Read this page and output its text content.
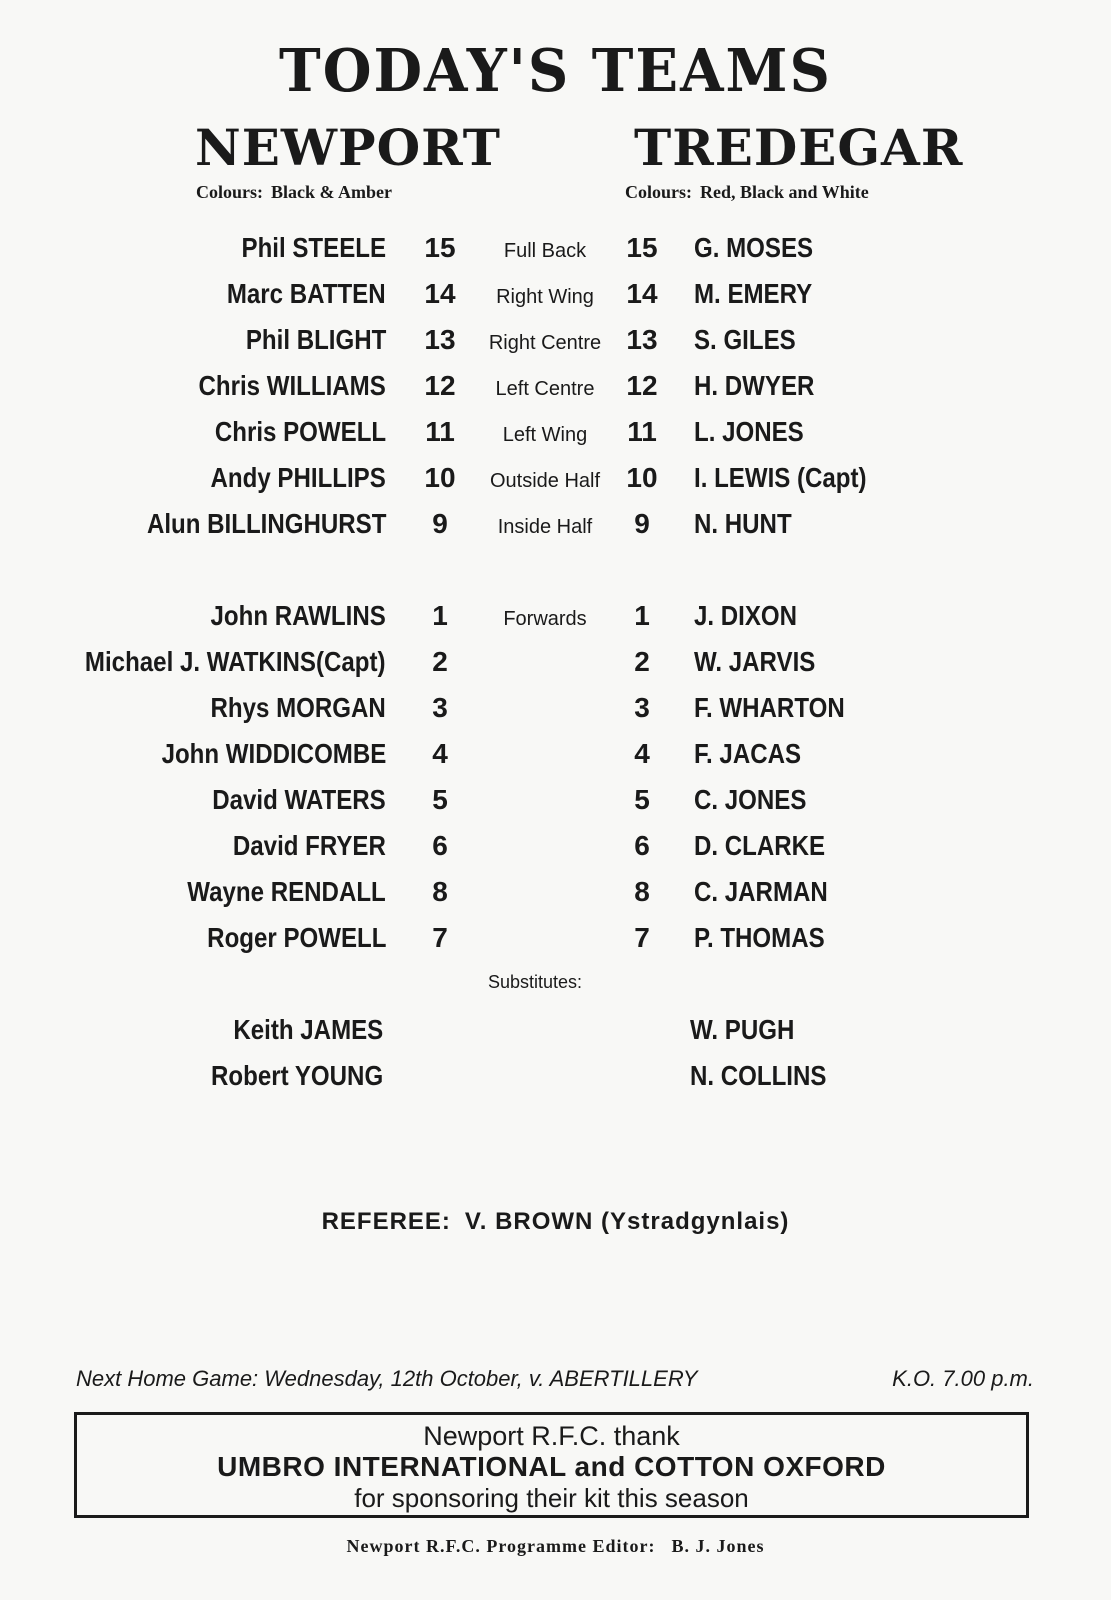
TODAY'S TEAMS
NEWPORT	TREDEGAR
Colours: Black & Amber	Colours: Red, Black and White
Phil STEELE	15	Full Back	15	G. MOSES
Marc BATTEN	14	Right Wing	14	M. EMERY
Phil BLIGHT	13	Right Centre 13	S. GILES
Chris WILLIAMS	12	Left Centre	12	H. DWYER
Chris POWELL	11	Left Wing	11	L. JONES
Andy PHILLIPS	10	Outside Half 10	I. LEWIS (Capt)
Alun BILLINGHURST	9	Inside Half	9	N. HUNT
John RAWLINS	1	Forwards	1	J. DIXON
Michael J. WATKINS(Capt)	2	2	W. JARVIS
Rhys MORGAN	3	3	F. WHARTON
John WIDDICOMBE	4	4	F. JACAS
David WATERS	5	5	C. JONES
David FRYER	6	6	D. CLARKE
Wayne RENDALL	8	8	C. JARMAN
Roger POWELL	7	7	P. THOMAS
Substitutes:
Keith JAMES	W. PUGH
Robert YOUNG	N. COLLINS
REFEREE: V. BROWN (Ystradgynlais)
Next Home Game: Wednesday, 12th October, v. ABERTILLERY	K.O. 7.00 p.m.
Newport R.F.C. thank
UMBRO INTERNATIONAL and COTTON OXFORD
for sponsoring their kit this season
Newport R.F.C. Programme Editor: B. J. Jones
